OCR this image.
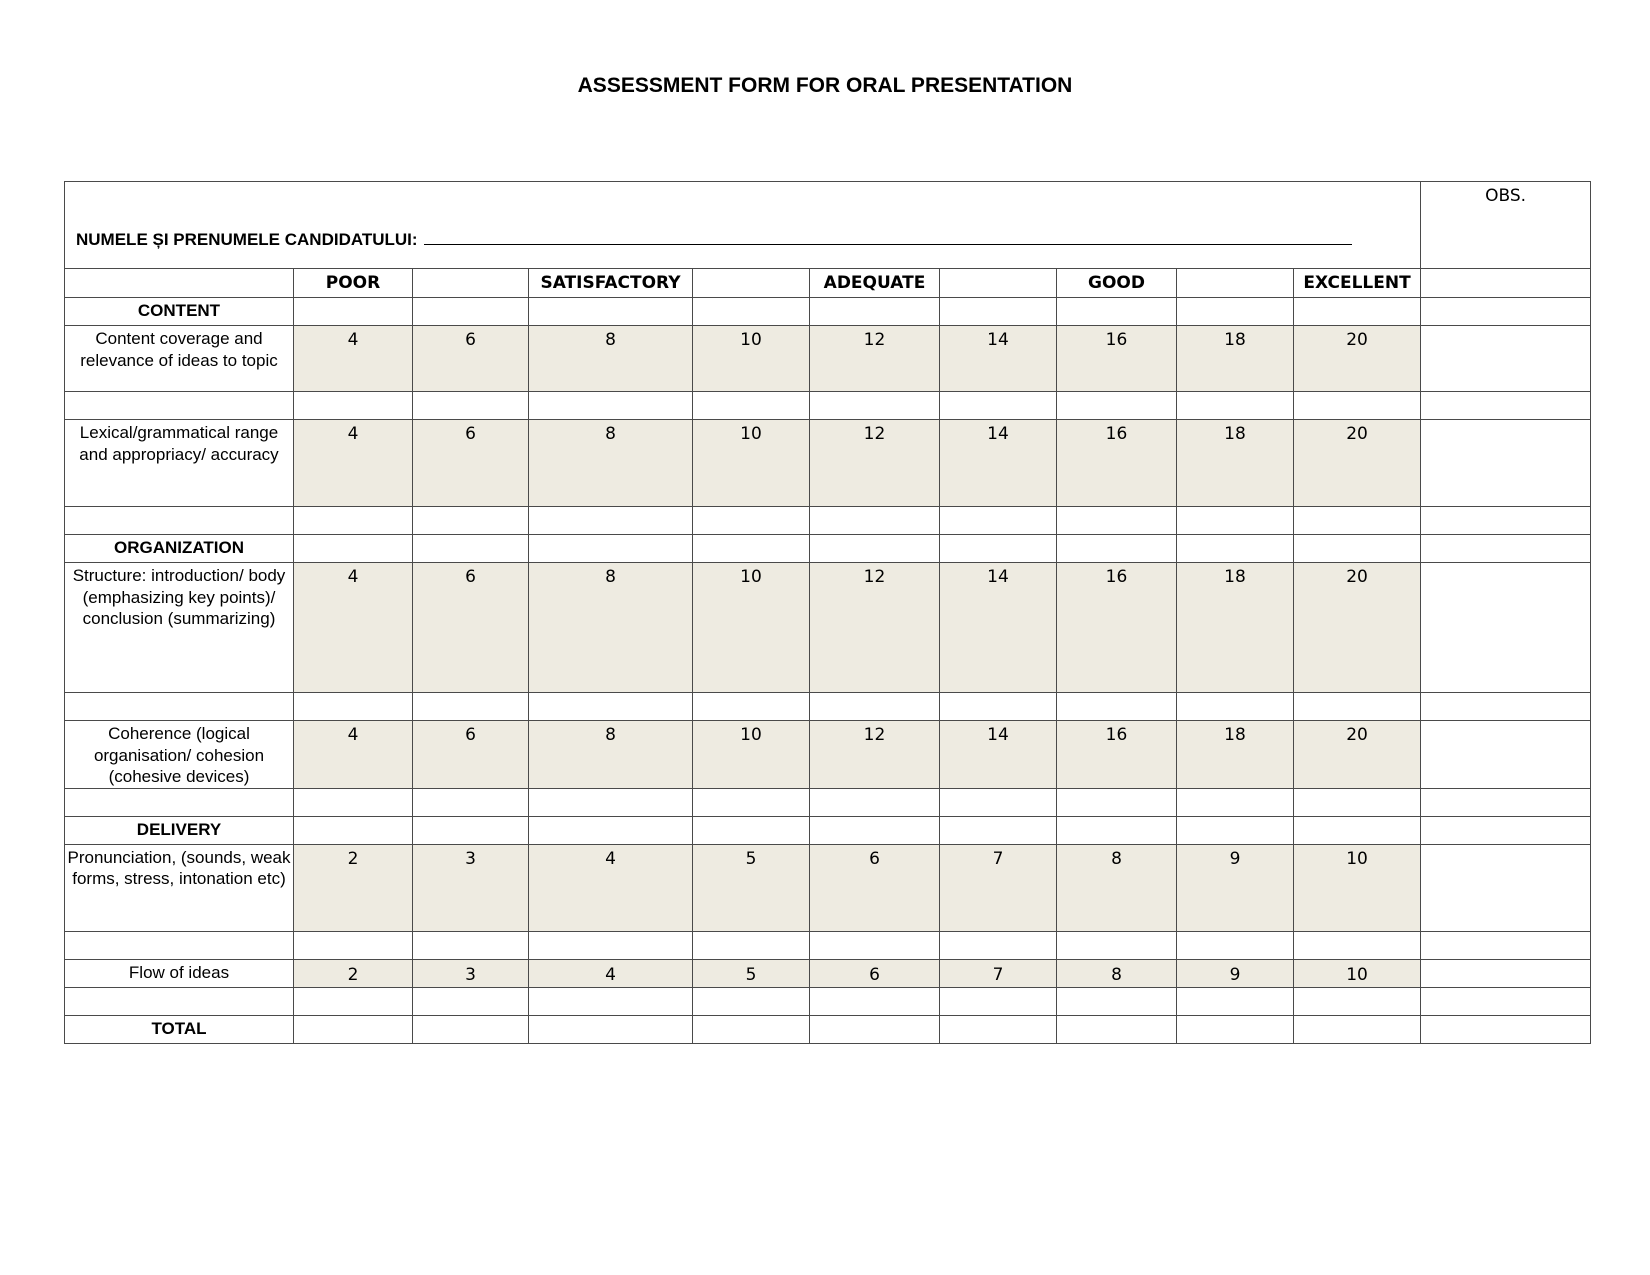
ASSESSMENT FORM FOR ORAL PRESENTATION
NUMELE ȘI PRENUMELE CANDIDATULUI:										OBS.
	POOR		SATISFACTORY		ADEQUATE		GOOD		EXCELLENT	
CONTENT										
Content coverage and relevance of ideas to topic	4	6	8	10	12	14	16	18	20	

Lexical/grammatical range
and appropriacy/ accuracy	4	6	8	10	12	14	16	18	20	

ORGANIZATION										
Structure: introduction/ body
(emphasizing key points)/
conclusion (summarizing)	4	6	8	10	12	14	16	18	20	

Coherence (logical organisation/ cohesion (cohesive devices)	4	6	8	10	12	14	16	18	20	

DELIVERY										
Pronunciation, (sounds, weak
forms, stress, intonation etc)	2	3	4	5	6	7	8	9	10	

Flow of ideas	2	3	4	5	6	7	8	9	10	

TOTAL										
